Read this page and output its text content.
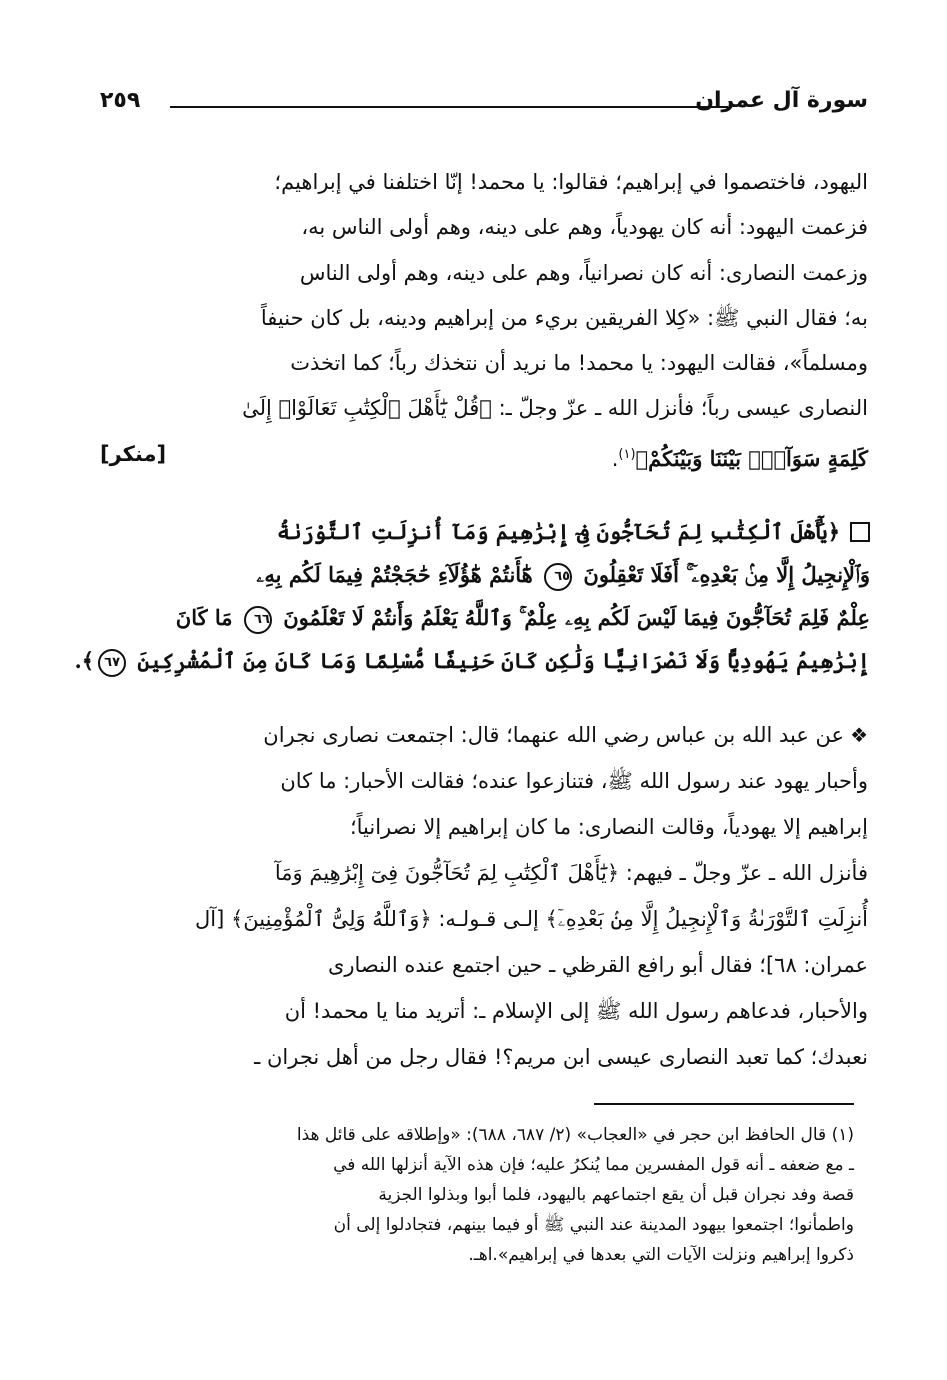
٢٥٩	سورة آل عمران
اليهود، فاختصموا في إبراهيم؛ فقالوا: يا محمد! إنّا اختلفنا في إبراهيم؛
فزعمت اليهود: أنه كان يهودياً، وهم على دينه، وهم أولى الناس به،
وزعمت النصارى: أنه كان نصرانياً، وهم على دينه، وهم أولى الناس
به؛ فقال النبي ﷺ: «كِلا الفريقين بريء من إبراهيم ودينه، بل كان حنيفاً
ومسلماً»، فقالت اليهود: يا محمد! ما نريد أن نتخذك رباً؛ كما اتخذت
النصارى عيسى رباً؛ فأنزل الله ـ عزّ وجلّ ـ: ﴿قُلْ يَٰٓأَهْلَ ٱلْكِتَٰبِ تَعَالَوْا۟ إِلَىٰ
كَلِمَةٍ سَوَآءٍۭ بَيْنَنَا وَبَيْنَكُمْ﴾$^{(١)}$.
[منكر]
﴿يَٰٓأَهْلَ ٱلْكِتَٰبِ لِمَ تُحَآجُّونَ فِىٓ إِبْرَٰهِيمَ وَمَآ أُنزِلَتِ ٱلتَّوْرَىٰةُ
وَٱلْإِنجِيلُ إِلَّا مِنۢ بَعْدِهِۦٓ ۚ أَفَلَا تَعْقِلُونَ ٦٥ هَٰٓأَنتُمْ هَٰٓؤُلَآءِ حَٰجَجْتُمْ فِيمَا لَكُم بِهِۦ
عِلْمٌ فَلِمَ تُحَآجُّونَ فِيمَا لَيْسَ لَكُم بِهِۦ عِلْمٌ ۚ وَٱللَّهُ يَعْلَمُ وَأَنتُمْ لَا تَعْلَمُونَ ٦٦ مَا كَانَ
إِبْرَٰهِيمُ يَهُودِيًّا وَلَا نَصْرَانِيًّا وَلَٰكِن كَانَ حَنِيفًا مُّسْلِمًا وَمَا كَانَ مِنَ ٱلْمُشْرِكِينَ ٦٧﴾.
❖عن عبد الله بن عباس رضي الله عنهما؛ قال: اجتمعت نصارى نجران
وأحبار يهود عند رسول الله ﷺ، فتنازعوا عنده؛ فقالت الأحبار: ما كان
إبراهيم إلا يهودياً، وقالت النصارى: ما كان إبراهيم إلا نصرانياً؛
فأنزل الله ـ عزّ وجلّ ـ فيهم: ﴿يَٰٓأَهْلَ ٱلْكِتَٰبِ لِمَ تُحَآجُّونَ فِىٓ إِبْرَٰهِيمَ وَمَآ
أُنزِلَتِ ٱلتَّوْرَىٰةُ وَٱلْإِنجِيلُ إِلَّا مِنۢ بَعْدِهِۦٓ﴾ إلـى قـولـه: ﴿وَٱللَّهُ وَلِىُّ ٱلْمُؤْمِنِينَ﴾ [آل
عمران: ٦٨]؛ فقال أبو رافع القرظي ـ حين اجتمع عنده النصارى
والأحبار، فدعاهم رسول الله ﷺ إلى الإسلام ـ: أتريد منا يا محمد! أن
نعبدك؛ كما تعبد النصارى عيسى ابن مريم؟! فقال رجل من أهل نجران ـ
(١) قال الحافظ ابن حجر في «العجاب» (٢/ ٦٨٧، ٦٨٨): «وإطلاقه على قائل هذا
ـ مع ضعفه ـ أنه قول المفسرين مما يُنكرُ عليه؛ فإن هذه الآية أنزلها الله في
قصة وفد نجران قبل أن يقع اجتماعهم باليهود، فلما أبوا وبذلوا الجزية
واطمأنوا؛ اجتمعوا بيهود المدينة عند النبي ﷺ أو فيما بينهم، فتجادلوا إلى أن
ذكروا إبراهيم ونزلت الآيات التي بعدها في إبراهيم».اهـ.
